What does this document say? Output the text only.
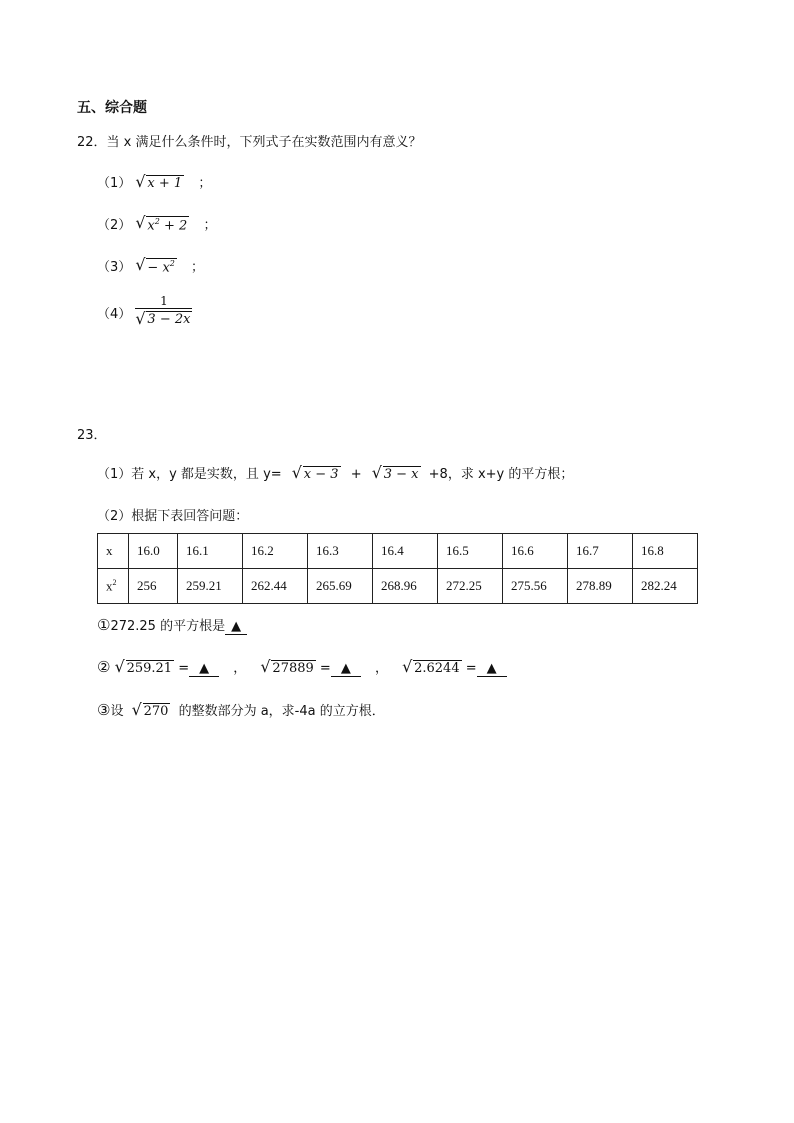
五、综合题
22．当 x 满足什么条件时，下列式子在实数范围内有意义？
（1） √ x + 1 ；
（2） √ $x^2 + 2$ ；
（3） √ − $x^2$ ；
$(4) \frac{1}{√ 3 - 2x}$
23．
（1）若 x，y 都是实数，且 y= √ x − 3 + √ 3 − x +8，求 x+y 的平方根；
（2）根据下表回答问题：
x	16.0	16.1	16.2	16.3	16.4	16.5	16.6	16.7	16.8
$x^2$	256	259.21	262.44	265.69	268.96	272.25	275.56	278.89	282.24
①272.25 的平方根是 ▲
② √ 259.21 = ▲ ， √ 27889 = ▲ ， √ 2.6244 = ▲
③设 √ 270 的整数部分为 a，求-4a 的立方根．
